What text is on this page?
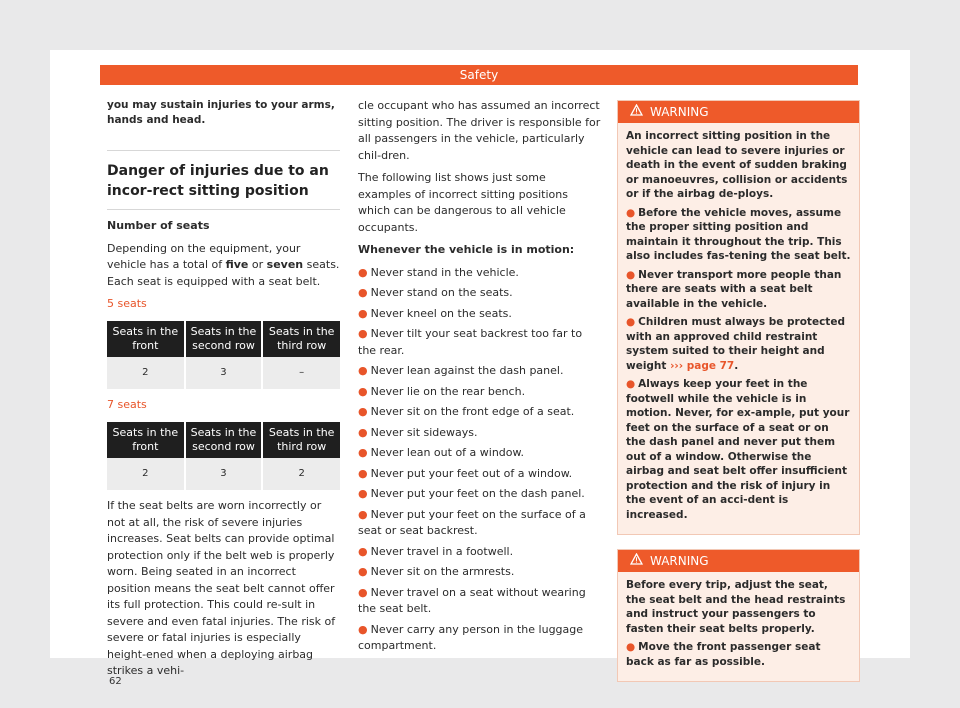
Safety

you may sustain injuries to your arms, hands and head.

Danger of injuries due to an incor-rect sitting position

Number of seats

Depending on the equipment, your vehicle has a total of five or seven seats. Each seat is equipped with a seat belt.

5 seats
Seats in the front	Seats in the second row	Seats in the third row
2	3	–
7 seats
Seats in the front	Seats in the second row	Seats in the third row
2	3	2

If the seat belts are worn incorrectly or not at all, the risk of severe injuries increases. Seat belts can provide optimal protection only if the belt web is properly worn. Being seated in an incorrect position means the seat belt cannot offer its full protection. This could re-sult in severe and even fatal injuries. The risk of severe or fatal injuries is especially height-ened when a deploying airbag strikes a vehi-

cle occupant who has assumed an incorrect sitting position. The driver is responsible for all passengers in the vehicle, particularly chil-dren.

The following list shows just some examples of incorrect sitting positions which can be dangerous to all vehicle occupants.

Whenever the vehicle is in motion:

● Never stand in the vehicle.
● Never stand on the seats.
● Never kneel on the seats.
● Never tilt your seat backrest too far to the rear.
● Never lean against the dash panel.
● Never lie on the rear bench.
● Never sit on the front edge of a seat.
● Never sit sideways.
● Never lean out of a window.
● Never put your feet out of a window.
● Never put your feet on the dash panel.
● Never put your feet on the surface of a seat or seat backrest.
● Never travel in a footwell.
● Never sit on the armrests.
● Never travel on a seat without wearing the seat belt.
● Never carry any person in the luggage compartment.
WARNING
An incorrect sitting position in the vehicle can lead to severe injuries or death in the event of sudden braking or manoeuvres, collision or accidents or if the airbag de-ploys.
● Before the vehicle moves, assume the proper sitting position and maintain it throughout the trip. This also includes fas-tening the seat belt.
● Never transport more people than there are seats with a seat belt available in the vehicle.
● Children must always be protected with an approved child restraint system suited to their height and weight ››› page 77.
● Always keep your feet in the footwell while the vehicle is in motion. Never, for ex-ample, put your feet on the surface of a seat or on the dash panel and never put them out of a window. Otherwise the airbag and seat belt offer insufficient protection and the risk of injury in the event of an acci-dent is increased.
WARNING
Before every trip, adjust the seat, the seat belt and the head restraints and instruct your passengers to fasten their seat belts properly.
● Move the front passenger seat back as far as possible.
62
